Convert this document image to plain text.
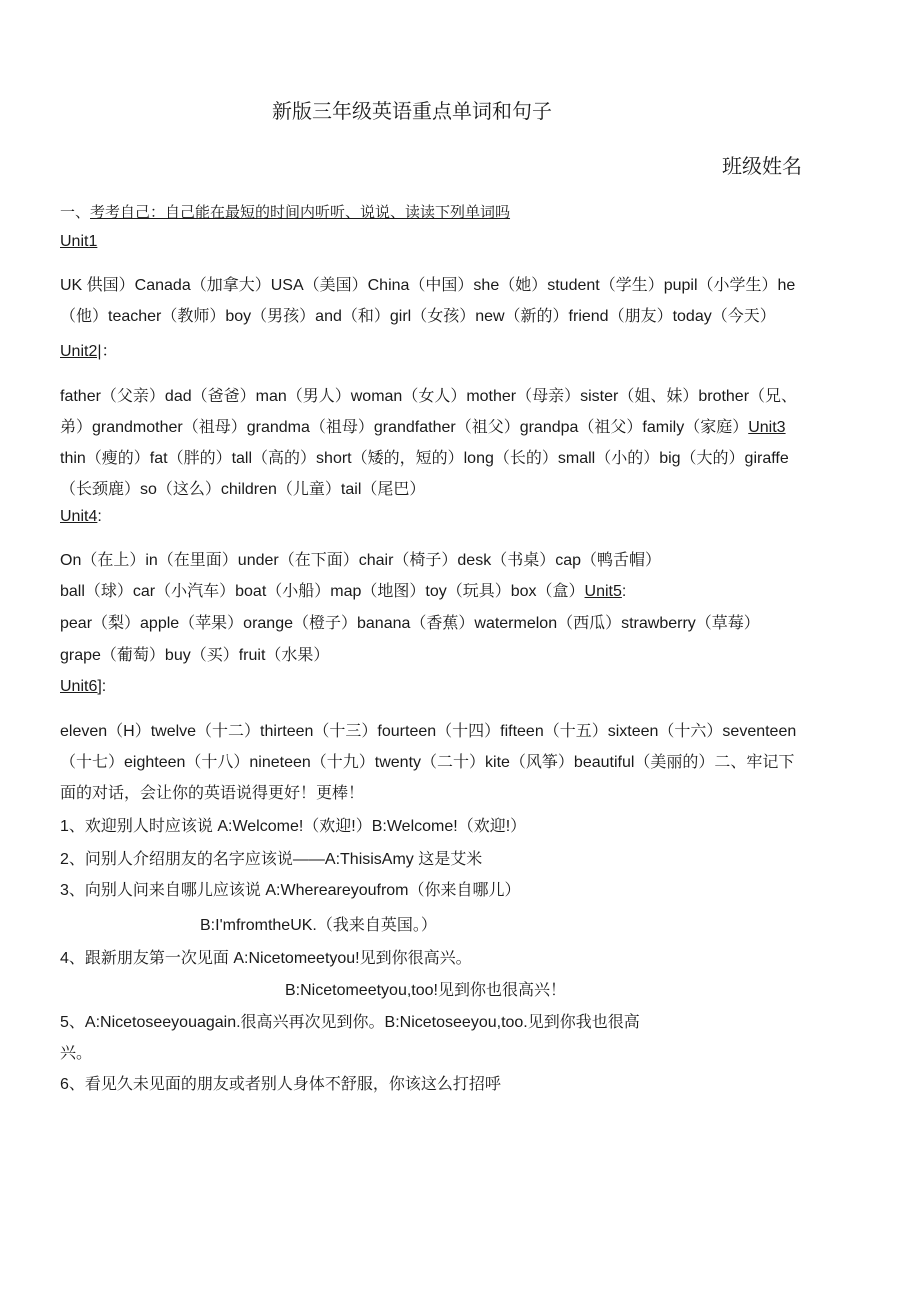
新版三年级英语重点单词和句子
班级姓名
一、考考自己：自己能在最短的时间内听听、说说、读读下列单词吗
Unit1
UK 供国）Canada（加拿大）USA（美国）China（中国）she（她）student（学生）pupil（小学生）he
（他）teacher（教师）boy（男孩）and（和）girl（女孩）new（新的）friend（朋友）today（今天）
Unit2|：
father（父亲）dad（爸爸）man（男人）woman（女人）mother（母亲）sister（姐、妹）brother（兄、
弟）grandmother（祖母）grandma（祖母）grandfather（祖父）grandpa（祖父）family（家庭）Unit3
thin（瘦的）fat（胖的）tall（高的）short（矮的，短的）long（长的）small（小的）big（大的）giraffe
（长颈鹿）so（这么）children（儿童）tail（尾巴）
Unit4:
On（在上）in（在里面）under（在下面）chair（椅子）desk（书桌）cap（鸭舌帽）
ball（球）car（小汽车）boat（小船）map（地图）toy（玩具）box（盒）Unit5:
pear（梨）apple（苹果）orange（橙子）banana（香蕉）watermelon（西瓜）strawberry（草莓）
grape（葡萄）buy（买）fruit（水果）
Unit6]:
eleven（H）twelve（十二）thirteen（十三）fourteen（十四）fifteen（十五）sixteen（十六）seventeen
（十七）eighteen（十八）nineteen（十九）twenty（二十）kite（风筝）beautiful（美丽的）二、牢记下
面的对话，会让你的英语说得更好！更棒！
1、欢迎别人时应该说 A:Welcome!（欢迎!）B:Welcome!（欢迎!）
2、问别人介绍朋友的名字应该说——A:ThisisAmy 这是艾米
3、向别人问来自哪儿应该说 A:Whereareyoufrom（你来自哪儿）
B:I'mfromtheUK.（我来自英国。）
4、跟新朋友第一次见面 A:Nicetomeetyou!见到你很高兴。
B:Nicetomeetyou,too!见到你也很高兴！
5、A:Nicetoseeyouagain.很高兴再次见到你。B:Nicetoseeyou,too.见到你我也很高
兴。
6、看见久未见面的朋友或者别人身体不舒服，你该这么打招呼
